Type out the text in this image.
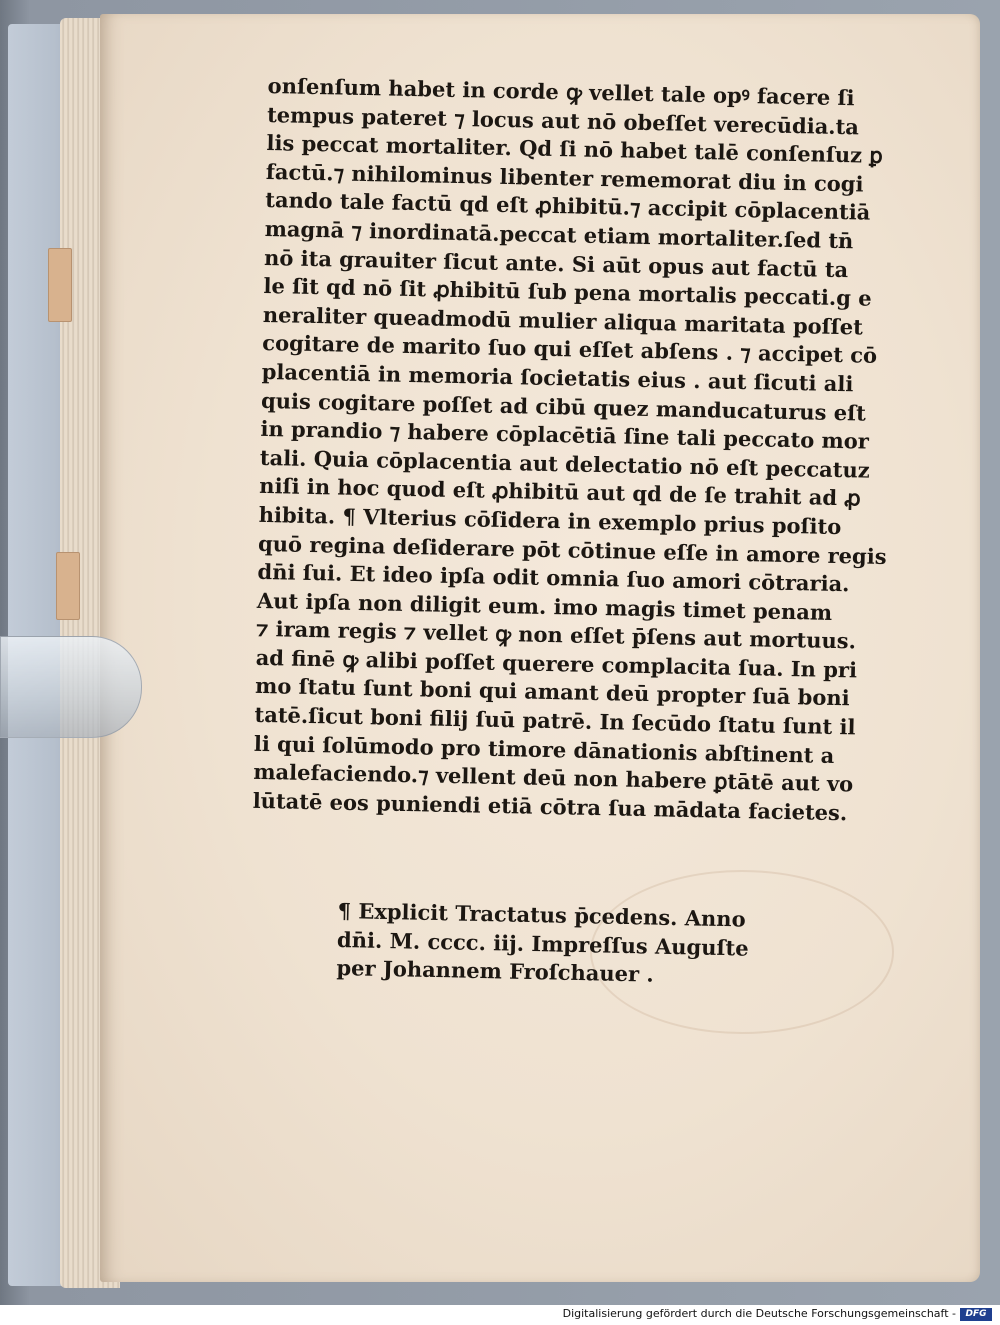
onſenſum habet in corde ꝙ vellet tale opꝰ facere ſi
tempus pateret ⁊ locus aut nō obeſſet verecūdia.ta
lis peccat mortaliter. Qd ſi nō habet talē conſenſuz ꝑ
factū.⁊ nihilominus libenter rememorat diu in cogi
tando tale factū qd eſt ꝓhibitū.⁊ accipit cōplacentiā
magnā ⁊ inordinatā.peccat etiam mortaliter.ſed tn̄
nō ita grauiter ſicut ante. Si aūt opus aut factū ta
le ſit qd nō ſit ꝓhibitū ſub pena mortalis peccati.g e
neraliter queadmodū mulier aliqua maritata poſſet
cogitare de marito ſuo qui eſſet abſens . ⁊ accipet cō
placentiā in memoria ſocietatis eius . aut ſicuti ali
quis cogitare poſſet ad cibū quez manducaturus eſt
in prandio ⁊ habere cōplacētiā ſine tali peccato mor
tali. Quia cōplacentia aut delectatio nō eſt peccatuz
niſi in hoc quod eſt ꝓhibitū aut qd de ſe trahit ad ꝓ
hibita. ¶ Vlterius cōſidera in exemplo prius poſito
quō regina deſiderare pōt cōtinue eſſe in amore regis
dn̄i ſui. Et ideo ipſa odit omnia ſuo amori cōtraria.
Aut ipſa non diligit eum. imo magis timet penam
⁊ iram regis ⁊ vellet ꝙ non eſſet p̄ſens aut mortuus.
ad finē ꝙ alibi poſſet querere complacita ſua. In pri
mo ſtatu ſunt boni qui amant deū propter ſuā boni
tatē.ſicut boni filij ſuū patrē. In ſecūdo ſtatu ſunt il
li qui ſolūmodo pro timore dānationis abſtinent a
malefaciendo.⁊ vellent deū non habere ꝑtātē aut vo
lūtatē eos puniendi etiā cōtra ſua mādata facietes.
¶ Explicit Tractatus p̄cedens. Anno
dn̄i. M. cccc. iij. Impreſſus Auguſte
per Johannem Froſchauer .
Digitalisierung gefördert durch die Deutsche Forschungsgemeinschaft -	DFG
